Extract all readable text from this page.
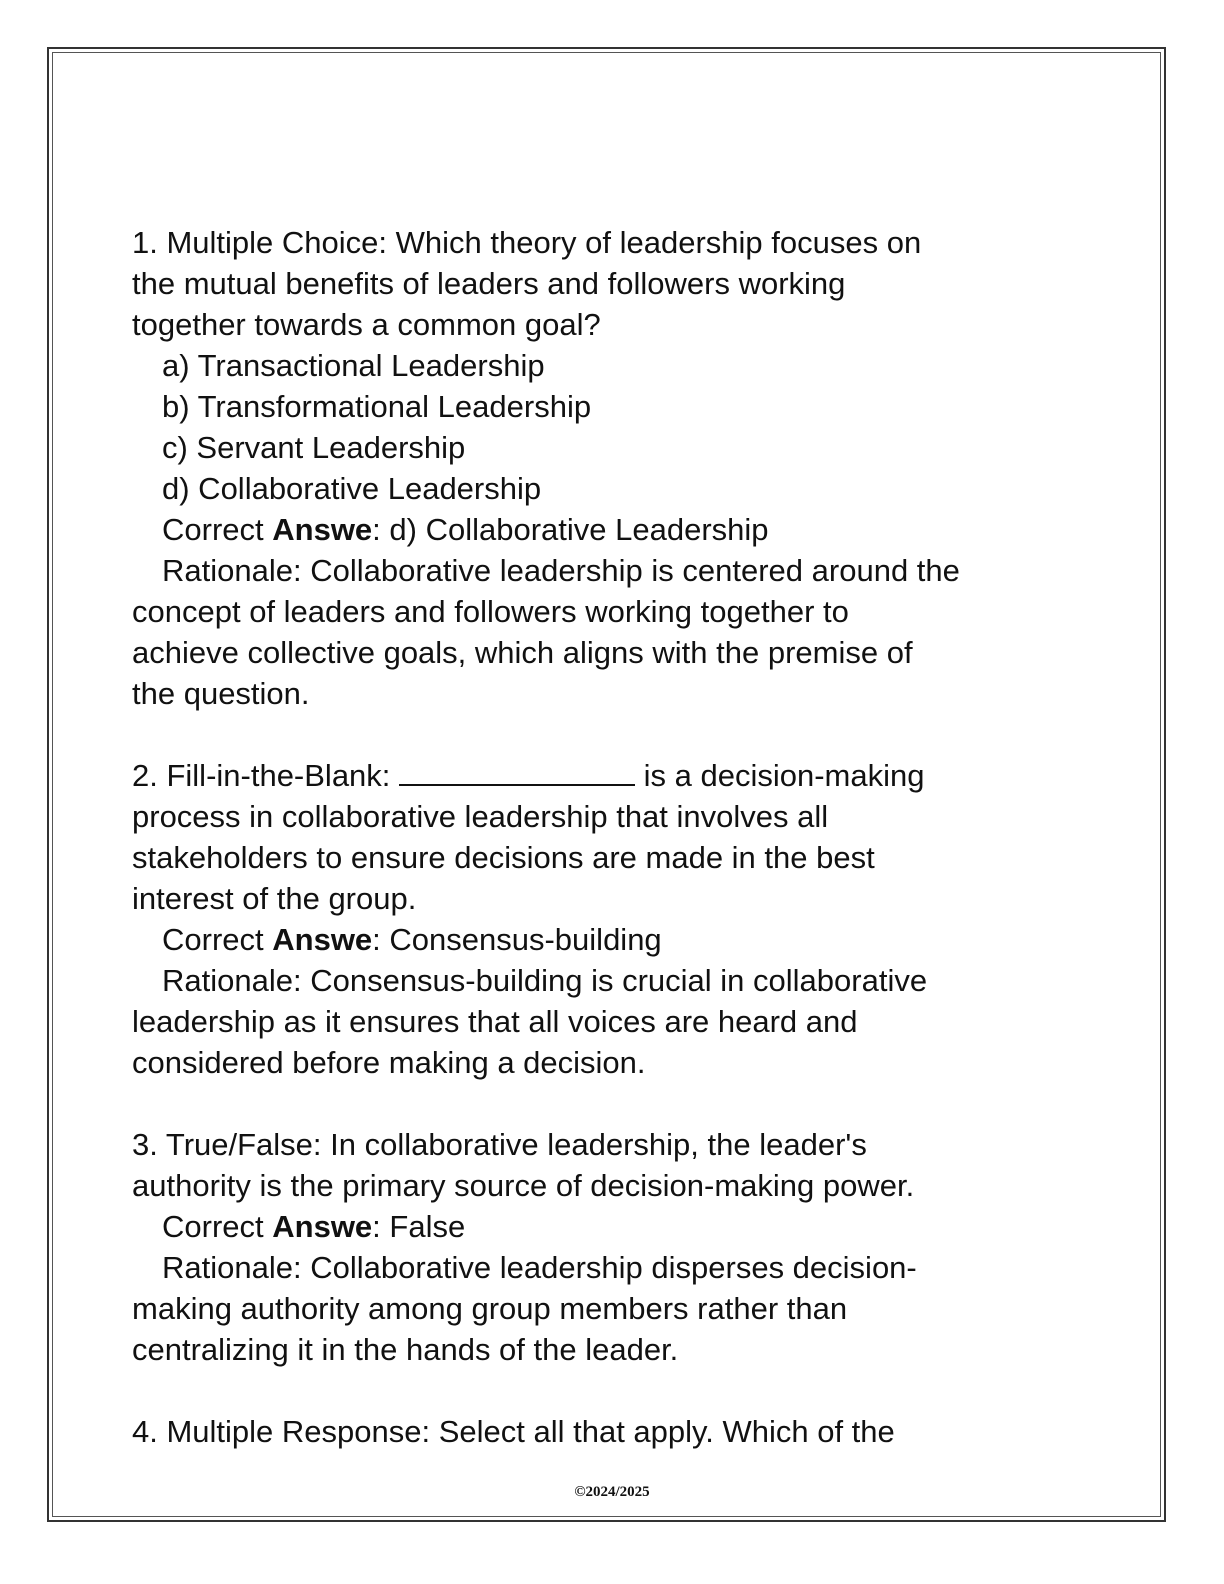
1. Multiple Choice: Which theory of leadership focuses on
the mutual benefits of leaders and followers working
together towards a common goal?
a) Transactional Leadership
b) Transformational Leadership
c) Servant Leadership
d) Collaborative Leadership
Correct Answe: d) Collaborative Leadership
Rationale: Collaborative leadership is centered around the
concept of leaders and followers working together to
achieve collective goals, which aligns with the premise of
the question.
2. Fill-in-the-Blank:	is a decision-making
process in collaborative leadership that involves all
stakeholders to ensure decisions are made in the best
interest of the group.
Correct Answe: Consensus-building
Rationale: Consensus-building is crucial in collaborative
leadership as it ensures that all voices are heard and
considered before making a decision.
3. True/False: In collaborative leadership, the leader's
authority is the primary source of decision-making power.
Correct Answe: False
Rationale: Collaborative leadership disperses decision-
making authority among group members rather than
centralizing it in the hands of the leader.
4. Multiple Response: Select all that apply. Which of the
©2024/2025
